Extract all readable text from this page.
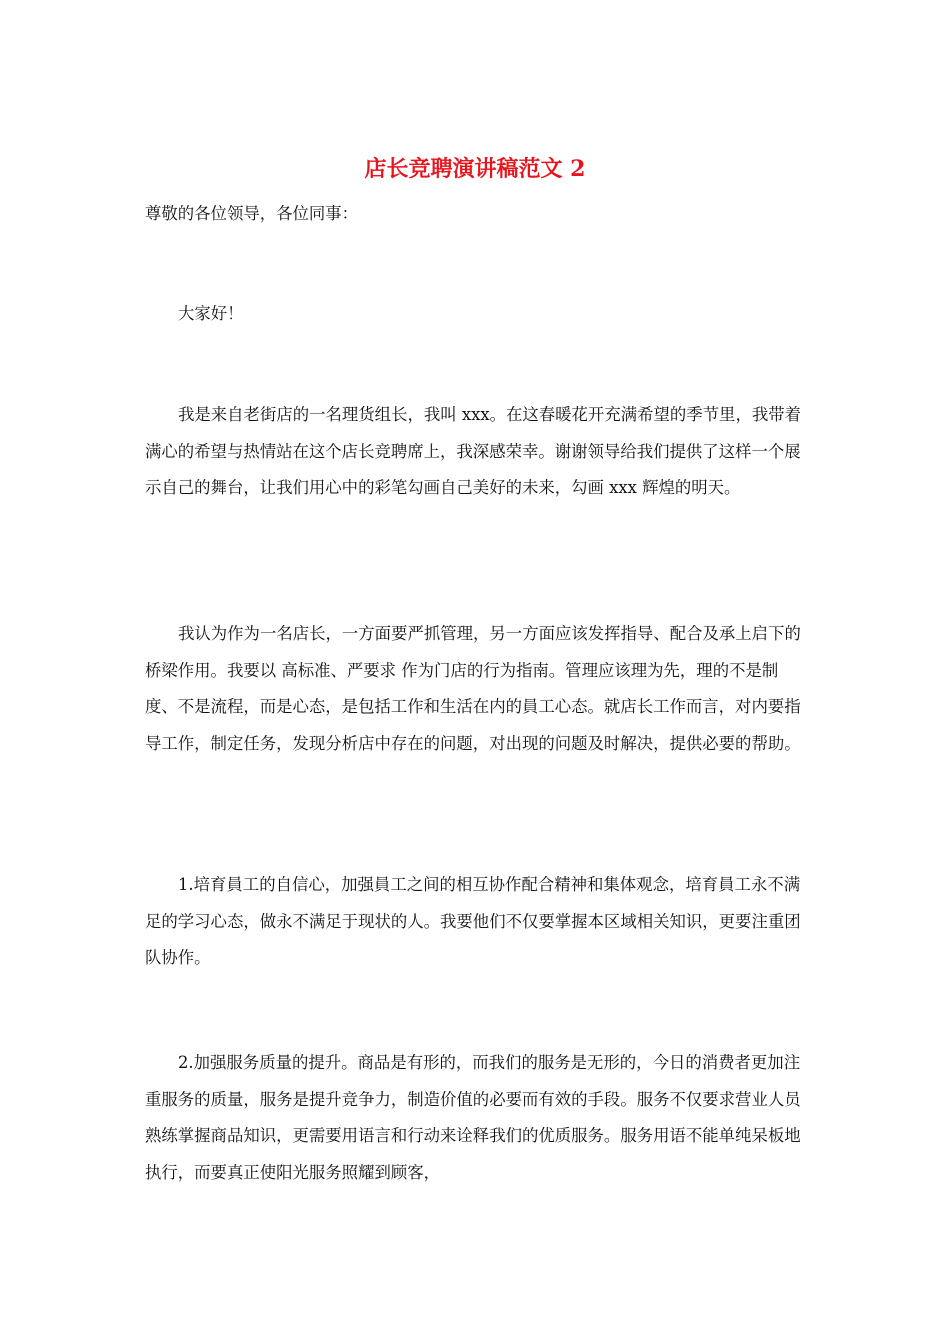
店长竞聘演讲稿范文 2

尊敬的各位领导，各位同事：

大家好！

我是来自老街店的一名理货组长，我叫 xxx。在这春暖花开充满希望的季节里，我带着满心的希望与热情站在这个店长竞聘席上，我深感荣幸。谢谢领导给我们提供了这样一个展示自己的舞台，让我们用心中的彩笔勾画自己美好的未来，勾画 xxx 辉煌的明天。

我认为作为一名店长，一方面要严抓管理，另一方面应该发挥指导、配合及承上启下的桥梁作用。我要以 高标准、严要求 作为门店的行为指南。管理应该理为先，理的不是制度、不是流程，而是心态，是包括工作和生活在内的員工心态。就店长工作而言，对内要指导工作，制定任务，发现分析店中存在的问题，对出现的问题及时解决，提供必要的帮助。

1.培育員工的自信心，加强員工之间的相互协作配合精神和集体观念，培育員工永不满足的学习心态，做永不满足于现状的人。我要他们不仅要掌握本区域相关知识，更要注重团队协作。

2.加强服务质量的提升。商品是有形的，而我们的服务是无形的，今日的消费者更加注重服务的质量，服务是提升竞争力，制造价值的必要而有效的手段。服务不仅要求营业人员熟练掌握商品知识，更需要用语言和行动来诠释我们的优质服务。服务用语不能单纯呆板地执行，而要真正使阳光服务照耀到顾客，
